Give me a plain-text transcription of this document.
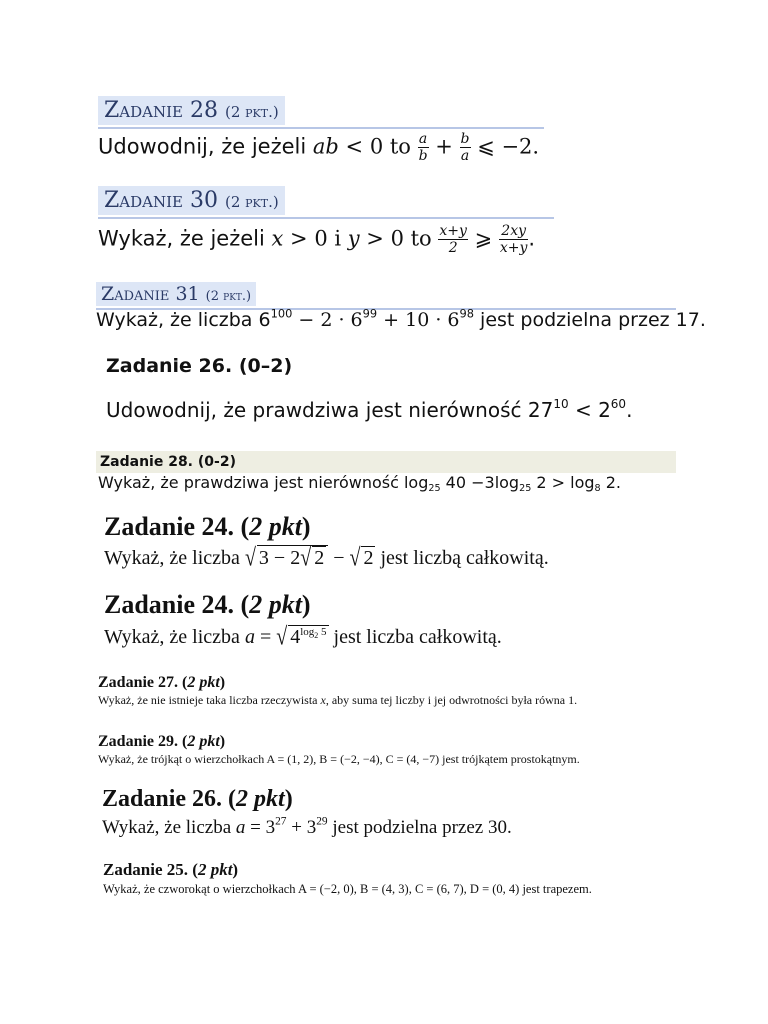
Zadanie 28 (2 pkt.)
Udowodnij, że jeżeli ab < 0 to $\frac{a}{b} + \frac{b}{a}$ ⩽ −2.
Zadanie 30 (2 pkt.)
Wykaż, że jeżeli x > 0 i y > 0 to $\frac{x+y}{2}$ ⩾ $\frac{2xy}{x+y}$ .
Zadanie 31 (2 pkt.)
Wykaż, że liczba $6^{100} - 2 \cdot 6^{99} + 10 \cdot 6^{98}$ jest podzielna przez 17.
Zadanie 26. (0–2)
Udowodnij, że prawdziwa jest nierówność $27^{10} < 2^{60}$.
Zadanie 28. (0-2)
Wykaż, że prawdziwa jest nierówność $\log_{25} 40 -3\log_{25}$ $2 > \log_8 2$.
Zadanie 24. (2 pkt)
Wykaż, że liczba √ 3 − 2√ 2 − √ 2 jest liczbą całkowitą.
Zadanie 24. (2 pkt)
Wykaż, że liczba a = √ $4^{log_2 5}$ jest liczba całkowitą.
Zadanie 27. (2 pkt)
Wykaż, że nie istnieje taka liczba rzeczywista x, aby suma tej liczby i jej odwrotności była równa 1.
Zadanie 29. (2 pkt)
Wykaż, że trójkąt o wierzchołkach A = (1, 2), B = (−2, −4), C = (4, −7) jest trójkątem prostokątnym.
Zadanie 26. (2 pkt)
Wykaż, że liczba $a = 3^{27} + 3^{29}$ jest podzielna przez 30.
Zadanie 25. (2 pkt)
Wykaż, że czworokąt o wierzchołkach A = (−2, 0), B = (4, 3), C = (6, 7), D = (0, 4) jest trapezem.
